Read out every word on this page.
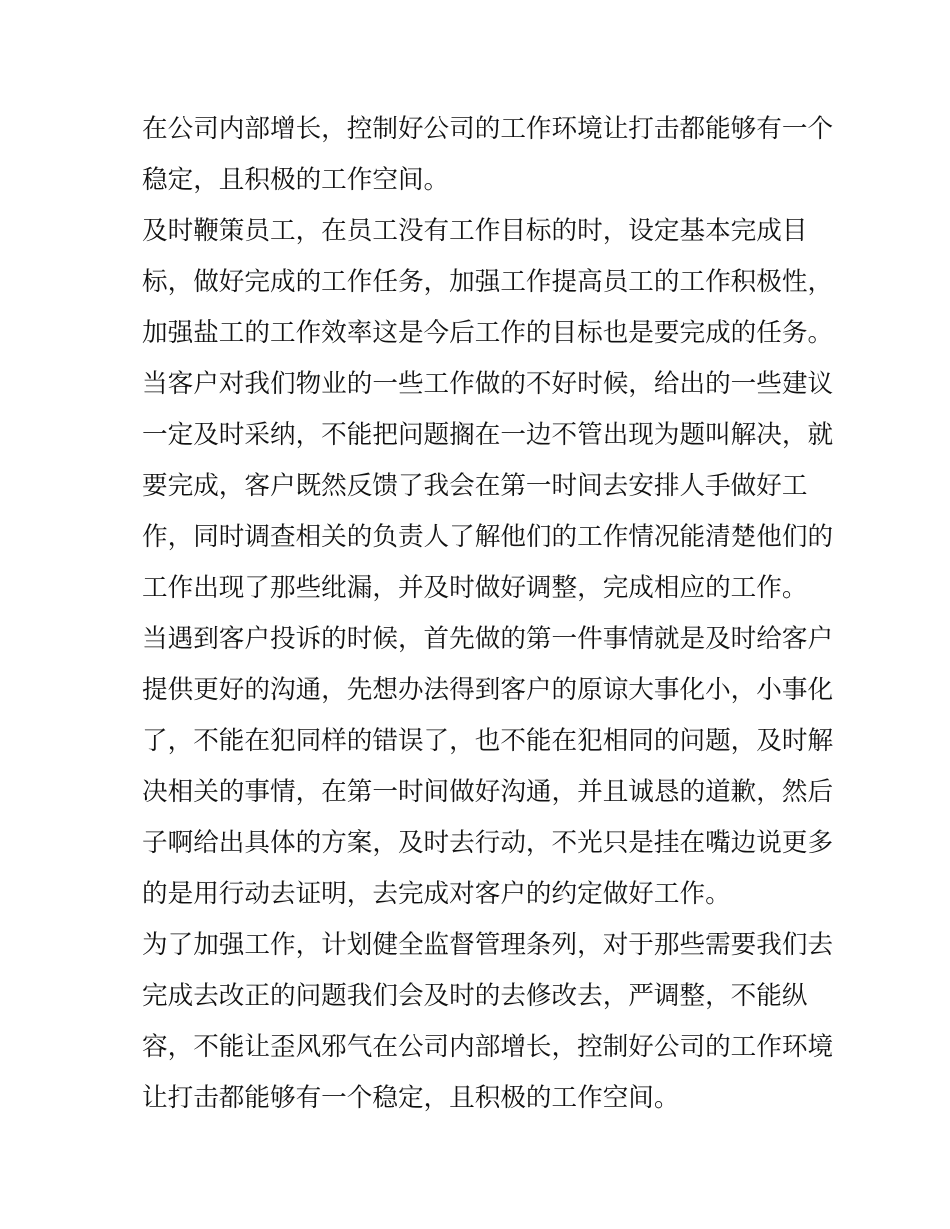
在公司内部增长，控制好公司的工作环境让打击都能够有一个
稳定，且积极的工作空间。
及时鞭策员工，在员工没有工作目标的时，设定基本完成目
标，做好完成的工作任务，加强工作提高员工的工作积极性，
加强盐工的工作效率这是今后工作的目标也是要完成的任务。
当客户对我们物业的一些工作做的不好时候，给出的一些建议
一定及时采纳，不能把问题搁在一边不管出现为题叫解决，就
要完成，客户既然反馈了我会在第一时间去安排人手做好工
作，同时调查相关的负责人了解他们的工作情况能清楚他们的
工作出现了那些纰漏，并及时做好调整，完成相应的工作。
当遇到客户投诉的时候，首先做的第一件事情就是及时给客户
提供更好的沟通，先想办法得到客户的原谅大事化小，小事化
了，不能在犯同样的错误了，也不能在犯相同的问题，及时解
决相关的事情，在第一时间做好沟通，并且诚恳的道歉，然后
子啊给出具体的方案，及时去行动，不光只是挂在嘴边说更多
的是用行动去证明，去完成对客户的约定做好工作。
为了加强工作，计划健全监督管理条列，对于那些需要我们去
完成去改正的问题我们会及时的去修改去，严调整，不能纵
容，不能让歪风邪气在公司内部增长，控制好公司的工作环境
让打击都能够有一个稳定，且积极的工作空间。
